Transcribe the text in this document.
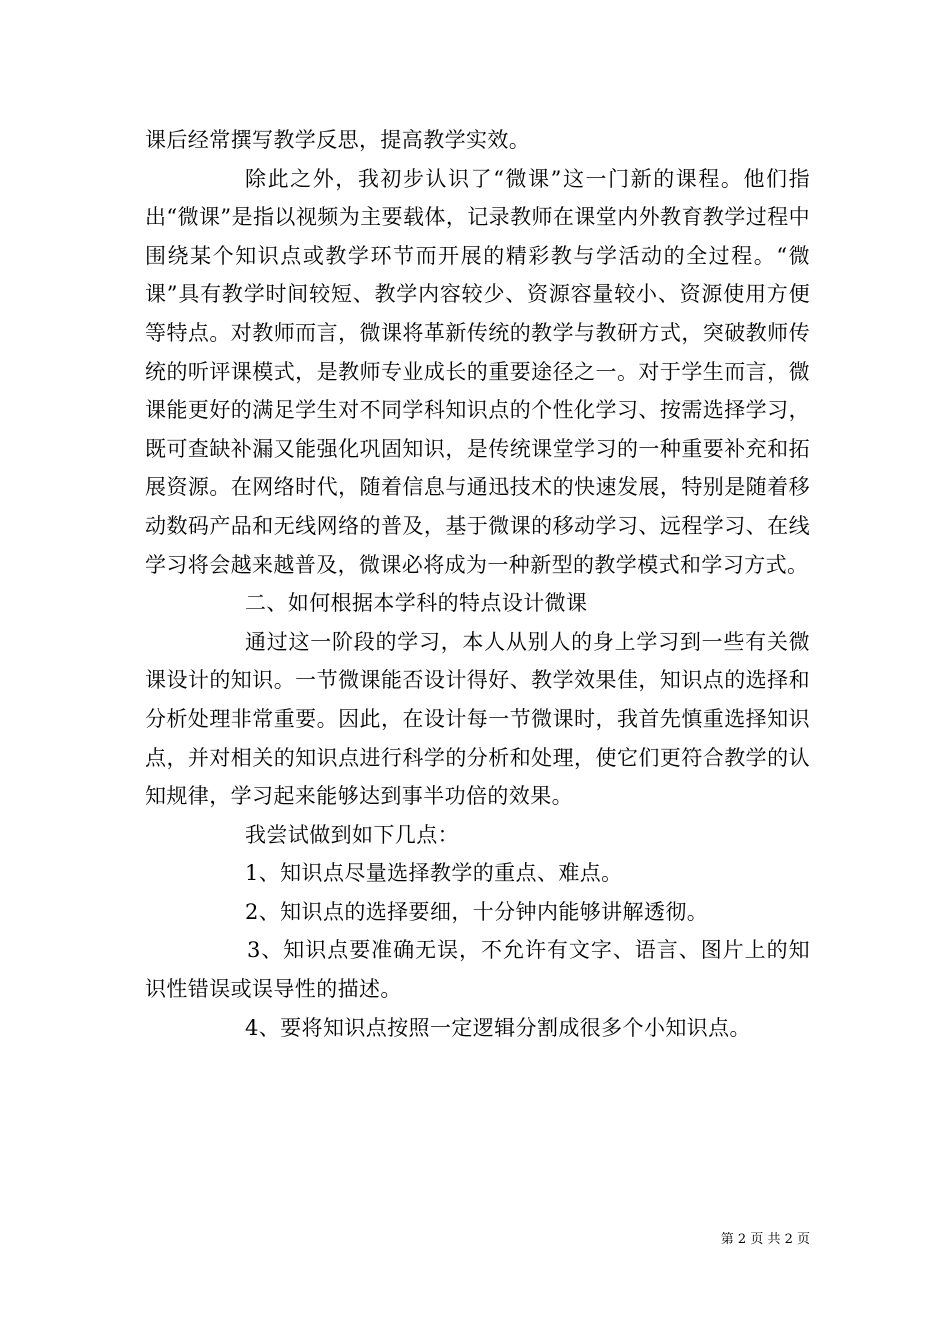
课后经常撰写教学反思，提高教学实效。

除此之外，我初步认识了“微课”这一门新的课程。他们指出“微课”是指以视频为主要载体，记录教师在课堂内外教育教学过程中围绕某个知识点或教学环节而开展的精彩教与学活动的全过程。“微课”具有教学时间较短、教学内容较少、资源容量较小、资源使用方便等特点。对教师而言，微课将革新传统的教学与教研方式，突破教师传统的听评课模式，是教师专业成长的重要途径之一。对于学生而言，微课能更好的满足学生对不同学科知识点的个性化学习、按需选择学习，既可查缺补漏又能强化巩固知识，是传统课堂学习的一种重要补充和拓展资源。在网络时代，随着信息与通迅技术的快速发展，特别是随着移动数码产品和无线网络的普及，基于微课的移动学习、远程学习、在线学习将会越来越普及，微课必将成为一种新型的教学模式和学习方式。

二、如何根据本学科的特点设计微课

通过这一阶段的学习，本人从别人的身上学习到一些有关微课设计的知识。一节微课能否设计得好、教学效果佳，知识点的选择和分析处理非常重要。因此，在设计每一节微课时，我首先慎重选择知识点，并对相关的知识点进行科学的分析和处理，使它们更符合教学的认知规律，学习起来能够达到事半功倍的效果。

我尝试做到如下几点：

1、知识点尽量选择教学的重点、难点。

2、知识点的选择要细，十分钟内能够讲解透彻。

3、知识点要准确无误，不允许有文字、语言、图片上的知识性错误或误导性的描述。

4、要将知识点按照一定逻辑分割成很多个小知识点。

第 2 页 共 2 页
